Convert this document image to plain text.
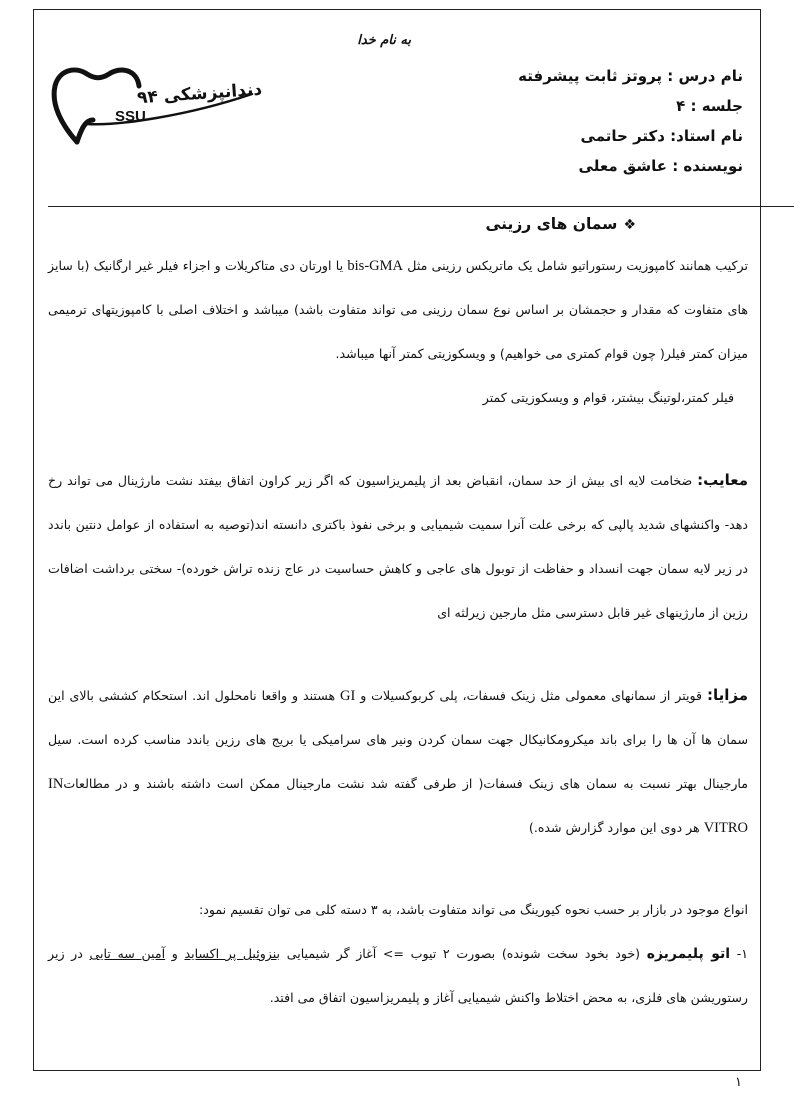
به نام خدا
دندانپزشکی ۹۴
SSU
نام درس : پروتز ثابت پیشرفته
جلسه : ۴
نام استاد: دکتر حاتمی
نویسنده : عاشق معلی
❖سمان های رزینی

ترکیب همانند کامپوزیت رستوراتیو شامل یک ماتریکس رزینی مثل bis-GMA یا اورتان دی متاکریلات و اجزاء فیلر غیر ارگانیک (با سایز های متفاوت که مقدار و حجمشان بر اساس نوع سمان رزینی می تواند متفاوت باشد) میباشد و اختلاف اصلی با کامپوزیتهای ترمیمی میزان کمتر فیلر( چون قوام کمتری می خواهیم) و ویسکوزیتی کمتر آنها میباشد.

فیلر کمتر،لوتینگ بیشتر، قوام و ویسکوزیتی کمتر

معایب: ضخامت لایه ای بیش از حد سمان، انقباض بعد از پلیمریزاسیون که اگر زیر کراون اتفاق بیفتد نشت مارژینال می تواند رخ دهد- واکنشهای شدید پالپی که برخی علت آنرا سمیت شیمیایی و برخی نفوذ باکتری دانسته اند(توصیه به استفاده از عوامل دنتین باندد در زیر لایه سمان جهت انسداد و حفاظت از توبول های عاجی و کاهش حساسیت در عاج زنده تراش خورده)- سختی برداشت اضافات رزین از مارژینهای غیر قابل دسترسی مثل مارجین زیرلثه ای

مزایا: قویتر از سمانهای معمولی مثل زینک فسفات، پلی کربوکسیلات و GI هستند و واقعا نامحلول اند. استحکام کششی بالای این سمان ها آن ها را برای باند میکرومکانیکال جهت سمان کردن ونیر های سرامیکی یا بریج های رزین باندد مناسب کرده است. سیل مارجینال بهتر نسبت به سمان های زینک فسفات( از طرفی گفته شد نشت مارجینال ممکن است داشته باشند و در مطالعاتIN VITRO هر دوی این موارد گزارش شده.)

انواع موجود در بازار بر حسب نحوه کیورینگ می تواند متفاوت باشد، به ۳ دسته کلی می توان تقسیم نمود:

۱- اتو پلیمریزه (خود بخود سخت شونده) بصورت ۲ تیوب => آغاز گر شیمیایی بنزوئیل پر اکساید و آمین سه تایی در زیر رستوریشن های فلزی، به محض اختلاط واکنش شیمیایی آغاز و پلیمریزاسیون اتفاق می افتد.

۱
